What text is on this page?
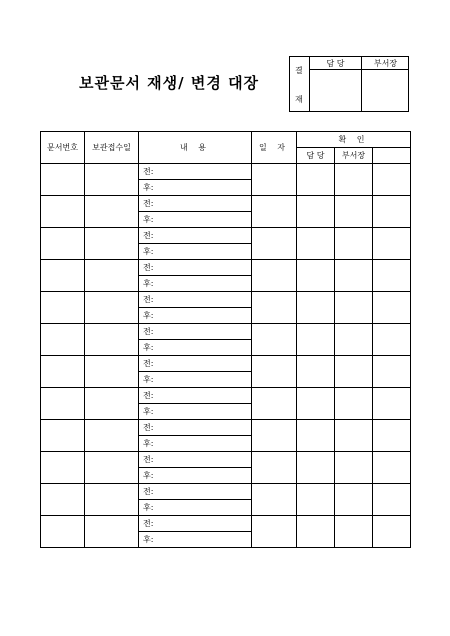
보관문서 재생/ 변경 대장
결
재
담 당	부서장
문서번호	보관접수일	내 용	일 자	확 인		
				담 당	부서장	
		전:				
		후:				
		전:				
		후:				
		전:				
		후:				
		전:				
		후:				
		전:				
		후:				
		전:				
		후:				
		전:				
		후:				
		전:				
		후:				
		전:				
		후:				
		전:				
		후:				
		전:				
		후:				
		전:				
		후:				
